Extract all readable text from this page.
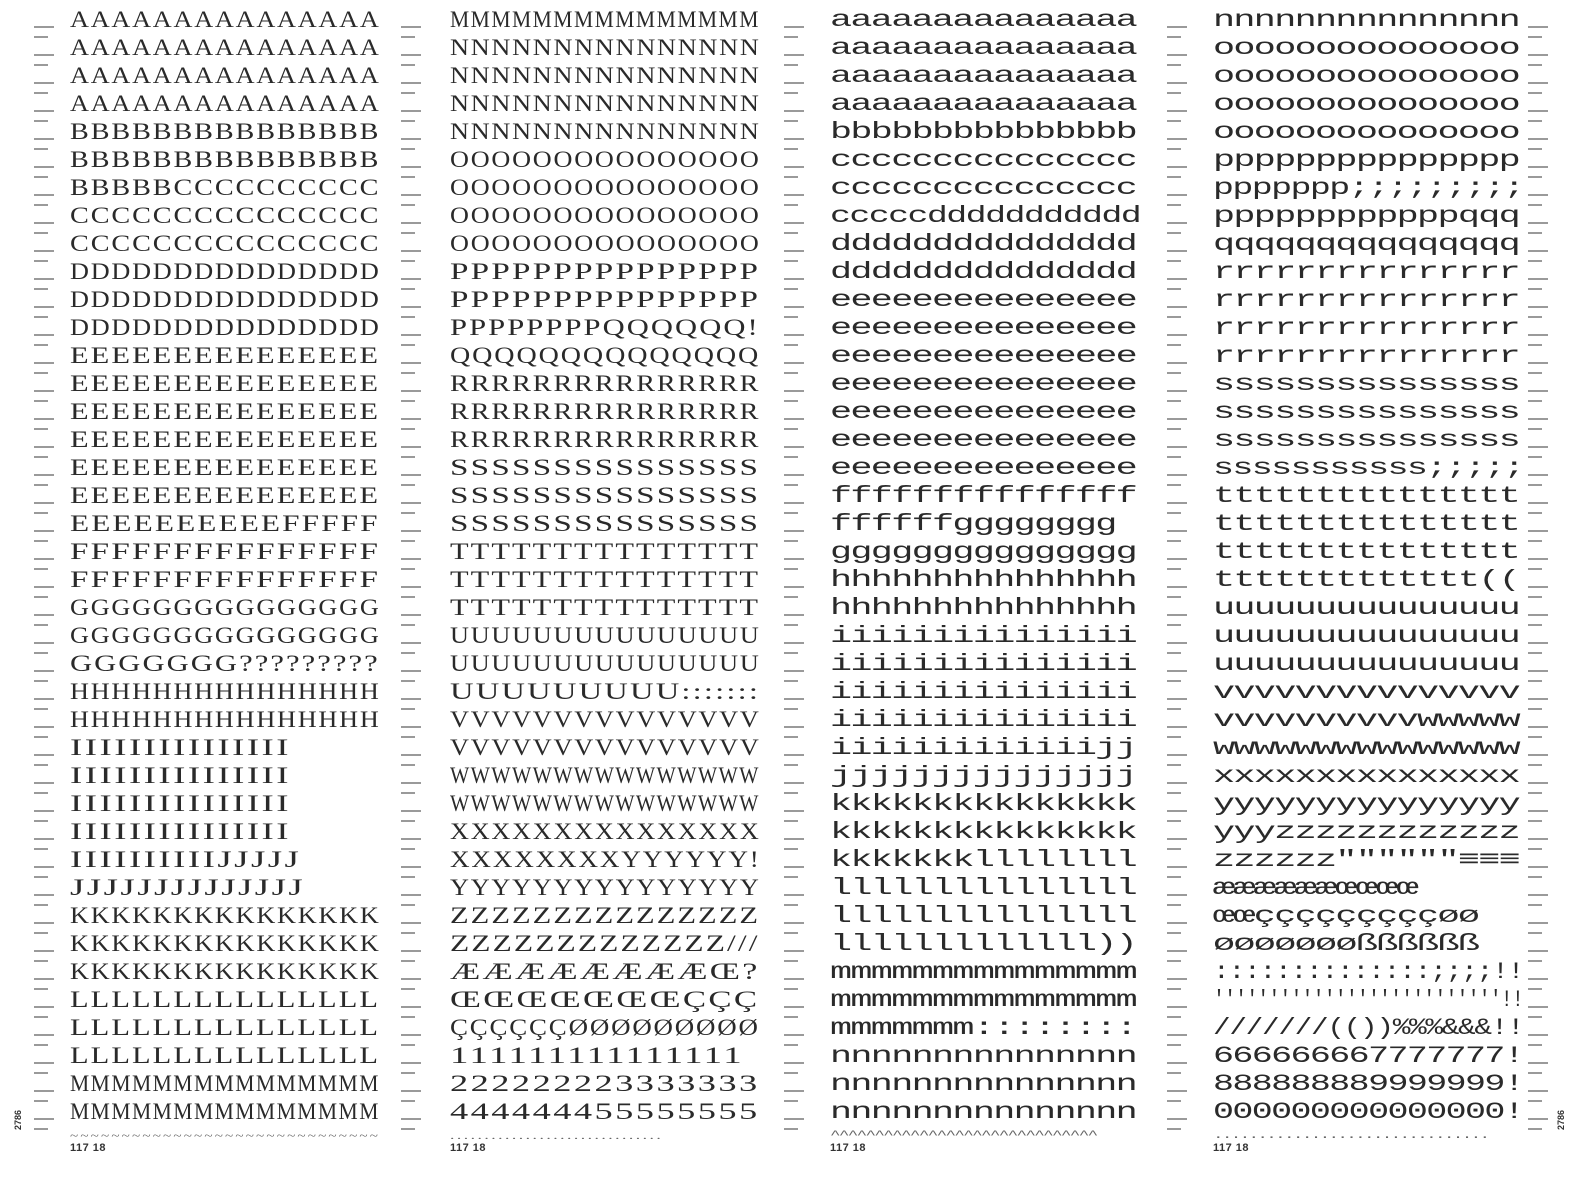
AAAAAAAAAAAAAAA
AAAAAAAAAAAAAAA
AAAAAAAAAAAAAAA
AAAAAAAAAAAAAAA
BBBBBBBBBBBBBBB
BBBBBBBBBBBBBBB
BBBBBCCCCCCCCCC
CCCCCCCCCCCCCCC
CCCCCCCCCCCCCCC
DDDDDDDDDDDDDDD
DDDDDDDDDDDDDDD
DDDDDDDDDDDDDDD
EEEEEEEEEEEEEEE
EEEEEEEEEEEEEEE
EEEEEEEEEEEEEEE
EEEEEEEEEEEEEEE
EEEEEEEEEEEEEEE
EEEEEEEEEEEEEEE
EEEEEEEEEEFFFFF
FFFFFFFFFFFFFFF
FFFFFFFFFFFFFFF
GGGGGGGGGGGGGGG
GGGGGGGGGGGGGGG
GGGGGGG?????????
HHHHHHHHHHHHHHH
HHHHHHHHHHHHHHH
IIIIIIIIIIIIIII
IIIIIIIIIIIIIII
IIIIIIIIIIIIIII
IIIIIIIIIIIIIII
IIIIIIIIIIJJJJJ
JJJJJJJJJJJJJJ
KKKKKKKKKKKKKKK
KKKKKKKKKKKKKKK
KKKKKKKKKKKKKKK
LLLLLLLLLLLLLLL
LLLLLLLLLLLLLLL
LLLLLLLLLLLLLLL
MMMMMMMMMMMMMMM
MMMMMMMMMMMMMMM
~~~~~~~~~~~~~~~~~~~~~~~~~~~~~~
117 18
2786
MMMMMMMMMMMMMMM
NNNNNNNNNNNNNNN
NNNNNNNNNNNNNNN
NNNNNNNNNNNNNNN
NNNNNNNNNNNNNNN
OOOOOOOOOOOOOOO
OOOOOOOOOOOOOOO
OOOOOOOOOOOOOOO
OOOOOOOOOOOOOOO
PPPPPPPPPPPPPPP
PPPPPPPPPPPPPPP
PPPPPPPPQQQQQQ!
QQQQQQQQQQQQQQ
RRRRRRRRRRRRRRR
RRRRRRRRRRRRRRR
RRRRRRRRRRRRRRR
SSSSSSSSSSSSSSS
SSSSSSSSSSSSSSS
SSSSSSSSSSSSSSS
TTTTTTTTTTTTTTT
TTTTTTTTTTTTTTT
TTTTTTTTTTTTTTT
UUUUUUUUUUUUUUU
UUUUUUUUUUUUUUU
UUUUUUUUU:::::::
VVVVVVVVVVVVVVV
VVVVVVVVVVVVVVV
WWWWWWWWWWWWWWW
WWWWWWWWWWWWWWW
XXXXXXXXXXXXXXX
XXXXXXXXYYYYYY!
YYYYYYYYYYYYYYY
ZZZZZZZZZZZZZZZ
ZZZZZZZZZZZZZ///
ÆÆÆÆÆÆÆÆŒ?
ŒŒŒŒŒŒŒÇÇÇ
ÇÇÇÇÇÇØØØØØØØØØ
111111111111111
222222223333333
444444455555555
...............................
117 18
aaaaaaaaaaaaaaa
aaaaaaaaaaaaaaa
aaaaaaaaaaaaaaa
aaaaaaaaaaaaaaa
bbbbbbbbbbbbbbb
ccccccccccccccc
ccccccccccccccc
cccccddddddddddd
ddddddddddddddd
ddddddddddddddd
eeeeeeeeeeeeeee
eeeeeeeeeeeeeee
eeeeeeeeeeeeeee
eeeeeeeeeeeeeee
eeeeeeeeeeeeeee
eeeeeeeeeeeeeee
eeeeeeeeeeeeeee
fffffffffffffff
ffffffgggggggg
ggggggggggggggg
hhhhhhhhhhhhhhh
hhhhhhhhhhhhhhh
iiiiiiiiiiiiiii
iiiiiiiiiiiiiii
iiiiiiiiiiiiiii
iiiiiiiiiiiiiii
iiiiiiiiiiiiijj
jjjjjjjjjjjjjjj
kkkkkkkkkkkkkkk
kkkkkkkkkkkkkkk
kkkkkkkllllllll
lllllllllllllll
lllllllllllllll
lllllllllllll))
mmmmmmmmmmmmmmm
mmmmmmmmmmmmmmm
mmmmmmm::::::::
nnnnnnnnnnnnnnn
nnnnnnnnnnnnnnn
nnnnnnnnnnnnnnn
^^^^^^^^^^^^^^^^^^^^^^^^^^^^^^
117 18
nnnnnnnnnnnnnnn
ooooooooooooooo
ooooooooooooooo
ooooooooooooooo
ooooooooooooooo
ppppppppppppppp
ppppppp;;;;;;;;;
ppppppppppppqqq
qqqqqqqqqqqqqqq
rrrrrrrrrrrrrrr
rrrrrrrrrrrrrrr
rrrrrrrrrrrrrrr
rrrrrrrrrrrrrrr
sssssssssssssss
sssssssssssssss
sssssssssssssss
sssssssssss;;;;;
ttttttttttttttt
ttttttttttttttt
ttttttttttttttt
ttttttttttttt((
uuuuuuuuuuuuuuu
uuuuuuuuuuuuuuu
uuuuuuuuuuuuuuu
vvvvvvvvvvvvvvv
vvvvvvvvvvwwwww
wwwwwwwwwwwwwww
xxxxxxxxxxxxxxx
yyyyyyyyyyyyyyy
yyyzzzzzzzzzzzz
zzzzzz""""""≡≡≡
ææææææœœœœ
œœçççççççççøø
øøøøøøøßßßßßß
::::::::::::::;;;;!!
''''''''''''''''''''''''''!!
///////(())%%%&&&!!
666666667777777!
888888889999999!
000000000000000!
...............................
117 18
2786
